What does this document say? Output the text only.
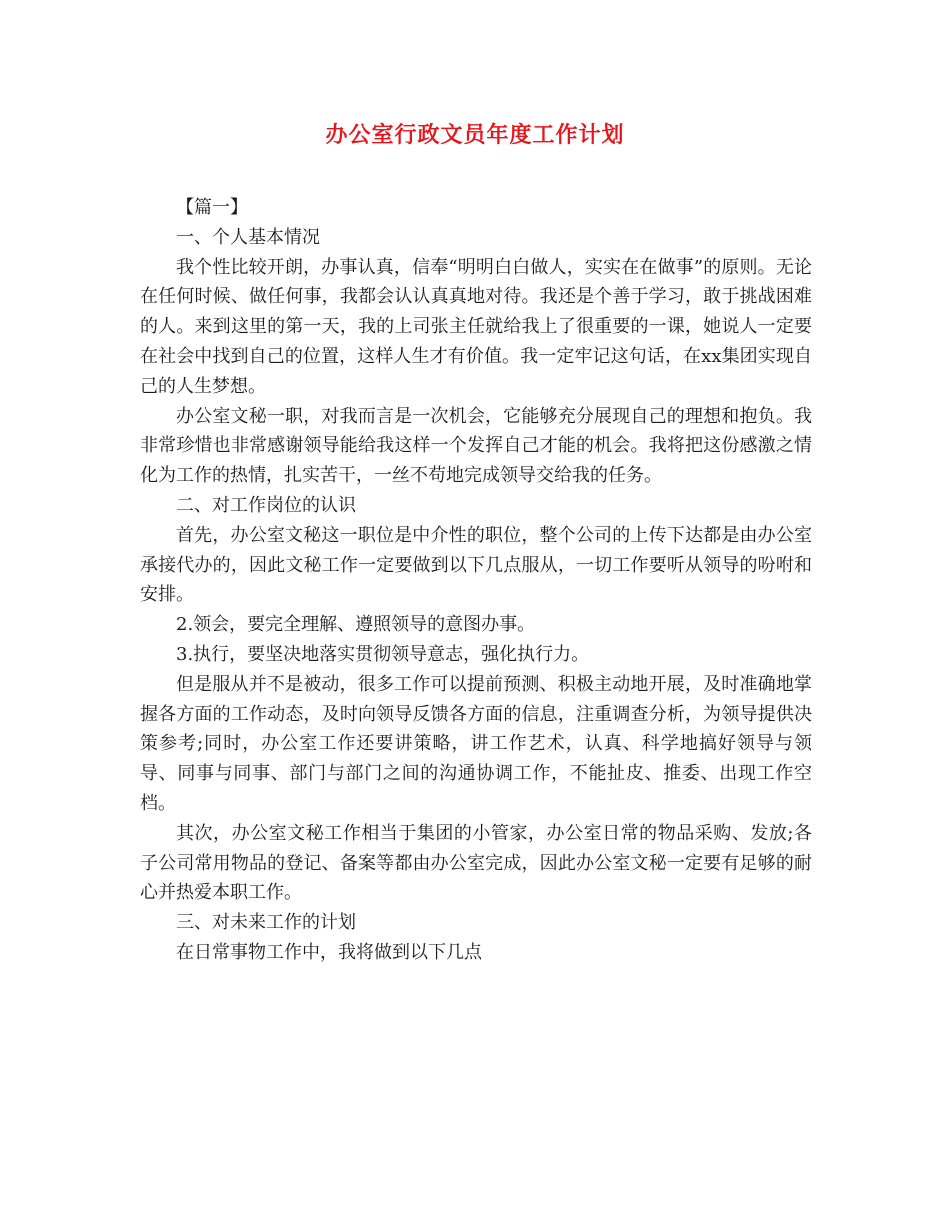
办公室行政文员年度工作计划

【篇一】

一、个人基本情况

我个性比较开朗，办事认真，信奉“明明白白做人，实实在在做事”的原则。无论在任何时候、做任何事，我都会认认真真地对待。我还是个善于学习，敢于挑战困难的人。来到这里的第一天，我的上司张主任就给我上了很重要的一课，她说人一定要在社会中找到自己的位置，这样人生才有价值。我一定牢记这句话，在xx集团实现自己的人生梦想。

办公室文秘一职，对我而言是一次机会，它能够充分展现自己的理想和抱负。我非常珍惜也非常感谢领导能给我这样一个发挥自己才能的机会。我将把这份感激之情化为工作的热情，扎实苦干，一丝不苟地完成领导交给我的任务。

二、对工作岗位的认识

首先，办公室文秘这一职位是中介性的职位，整个公司的上传下达都是由办公室承接代办的，因此文秘工作一定要做到以下几点服从，一切工作要听从领导的吩咐和安排。

2.领会，要完全理解、遵照领导的意图办事。

3.执行，要坚决地落实贯彻领导意志，强化执行力。

但是服从并不是被动，很多工作可以提前预测、积极主动地开展，及时准确地掌握各方面的工作动态，及时向领导反馈各方面的信息，注重调查分析，为领导提供决策参考;同时，办公室工作还要讲策略，讲工作艺术，认真、科学地搞好领导与领导、同事与同事、部门与部门之间的沟通协调工作，不能扯皮、推委、出现工作空档。

其次，办公室文秘工作相当于集团的小管家，办公室日常的物品采购、发放;各子公司常用物品的登记、备案等都由办公室完成，因此办公室文秘一定要有足够的耐心并热爱本职工作。

三、对未来工作的计划

在日常事物工作中，我将做到以下几点
